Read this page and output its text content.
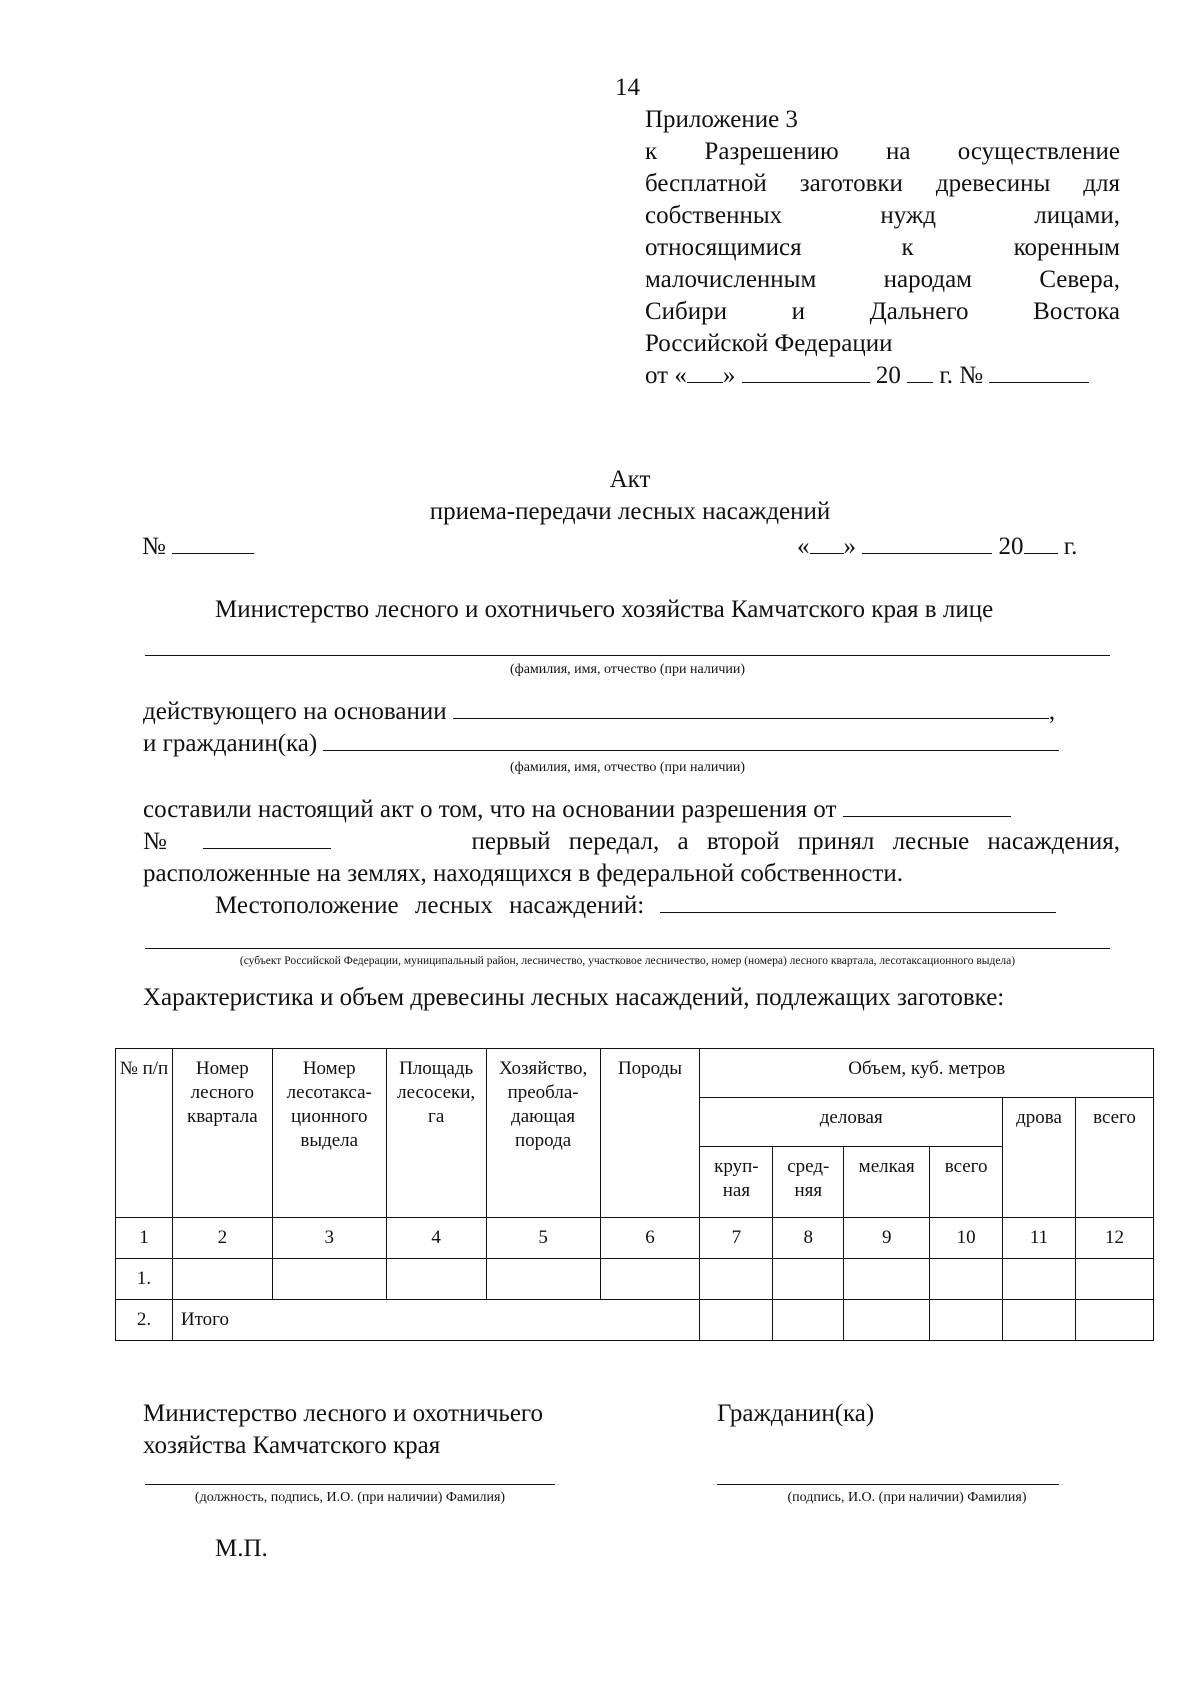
14
Приложение 3
к Разрешению на осуществление
бесплатной заготовки древесины для
собственных нужд лицами,
относящимися к коренным
малочисленным народам Севера,
Сибири и Дальнего Востока
Российской Федерации
от « »	20 г. №
Акт
приема-передачи лесных насаждений
№	« »	20 г.
Министерство лесного и охотничьего хозяйства Камчатского края в лице
(фамилия, имя, отчество (при наличии)
действующего на основании	,
и гражданин(ка)
(фамилия, имя, отчество (при наличии)
составили настоящий акт о том, что на основании разрешения от
№	первый передал, а второй принял лесные насаждения,
расположенные на землях, находящихся в федеральной собственности.
Местоположение лесных насаждений:
(субъект Российской Федерации, муниципальный район, лесничество, участковое лесничество, номер (номера) лесного квартала, лесотаксационного выдела)
Характеристика и объем древесины лесных насаждений, подлежащих заготовке:
№ п/п	Номер лесного квартала	Номер лесотакса-ционного выдела	Площадь лесосеки, га	Хозяйство, преобла-дающая порода	Породы	Объем, куб. метров					
						деловая				дрова	всего
						круп-ная	сред-няя	мелкая	всего		
1	2	3	4	5	6	7	8	9	10	11	12
1.											
2.	Итого										
Министерство лесного и охотничьего
хозяйства Камчатского края
Гражданин(ка)
(должность, подпись, И.О. (при наличии) Фамилия)	(подпись, И.О. (при наличии) Фамилия)
М.П.
